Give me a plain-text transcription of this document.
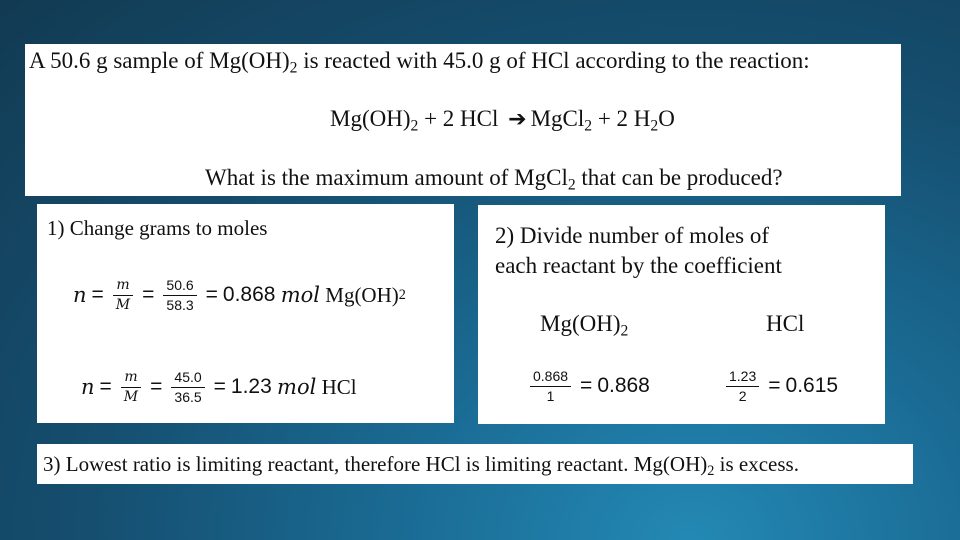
A 50.6 g sample of $Mg(OH)_2$ is reacted with 45.0 g of HCl according to the reaction:
$Mg(OH)_2 + 2$ HCl ➔ MgCl$_2$ + 2 $H_2O$
What is the maximum amount of MgCl$_2$ that can be produced?
1) Change grams to moles
$n = \frac{m}{M} = \frac{50.6}{58.3} = 0.868$
mol
Mg(OH) 2
$n = \frac{m}{M} = \frac{45.0}{36.5} = 1.23$
mol
HCl
2) Divide number of moles of
each reactant by the coefficient
$Mg(OH)_2$	HCl
$\frac{0.868}{1} = 0.868$	$\frac{1.23}{2} = 0.615$
3) Lowest ratio is limiting reactant, therefore HCl is limiting reactant. $Mg(OH)_2$ is excess.
